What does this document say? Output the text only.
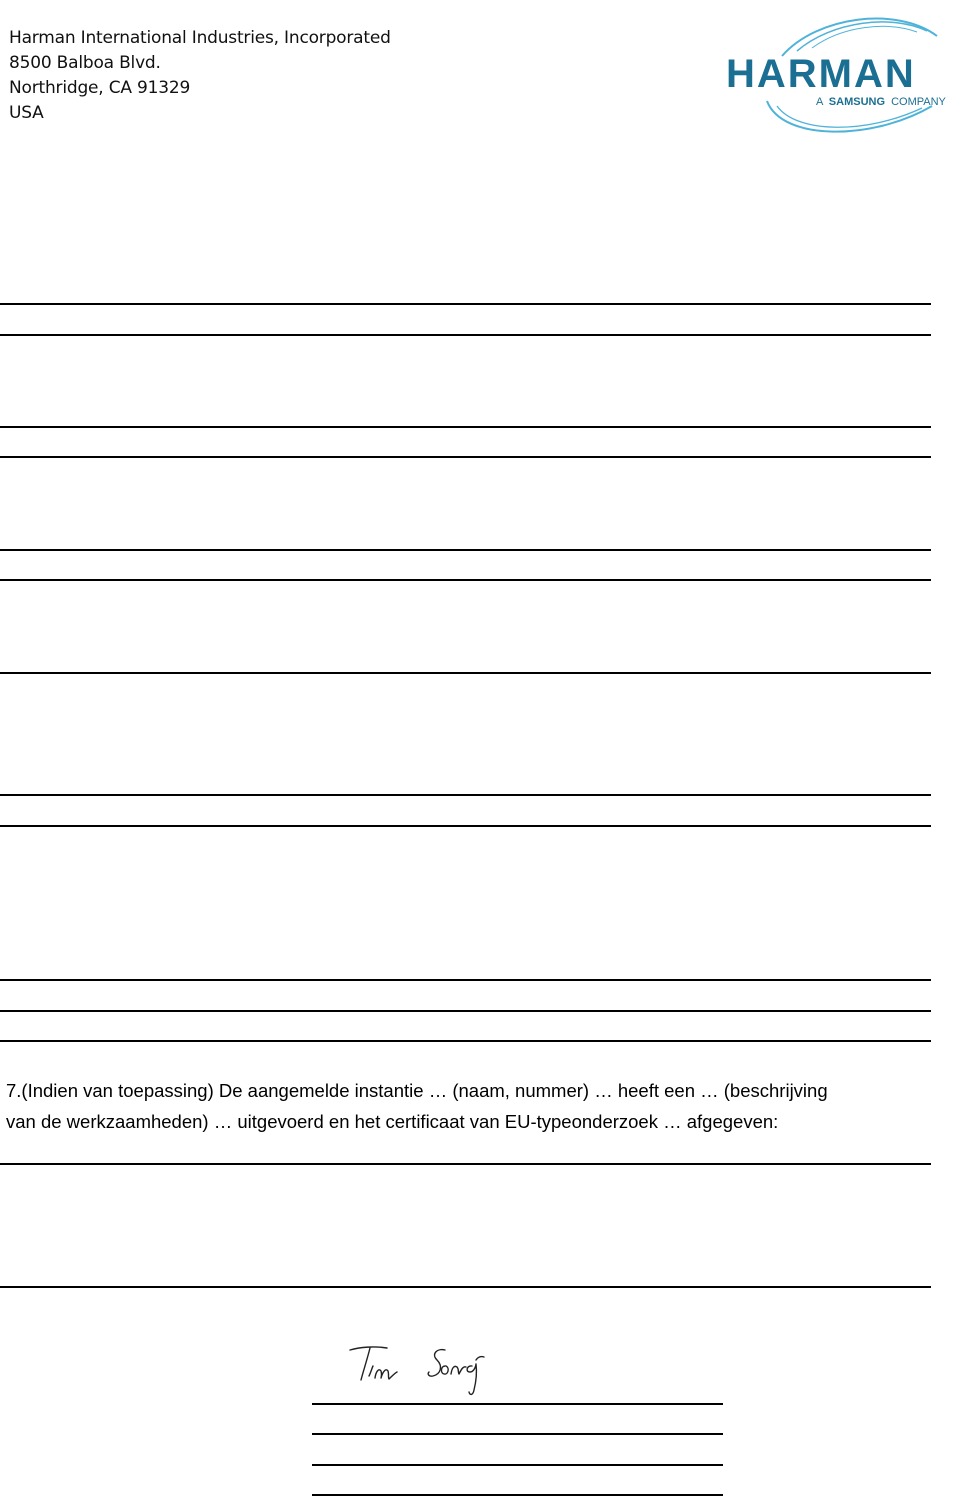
Harman International Industries, Incorporated
8500 Balboa Blvd.
Northridge, CA 91329
USA
HARMAN
A SAMSUNG COMPANY
7.(Indien van toepassing) De aangemelde instantie … (naam, nummer) … heeft een … (beschrijving
van de werkzaamheden) … uitgevoerd en het certificaat van EU-typeonderzoek … afgegeven:
